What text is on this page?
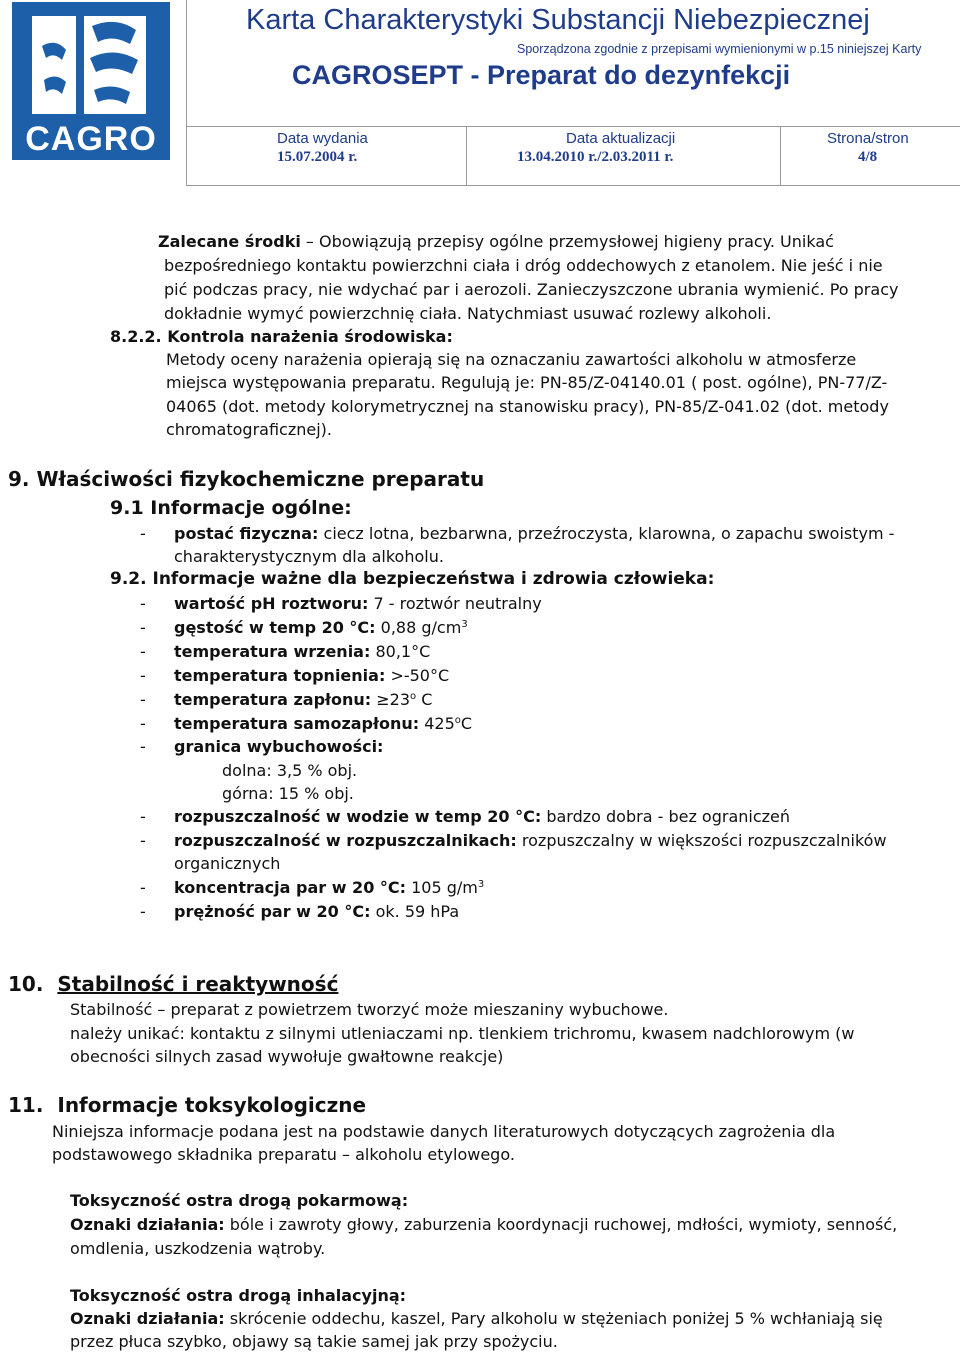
CAGRO
Karta Charakterystyki Substancji Niebezpiecznej
Sporządzona zgodnie z przepisami wymienionymi w p.15 niniejszej Karty
CAGROSEPT - Preparat do dezynfekcji
Data wydania
15.07.2004 r.
Data aktualizacji
13.04.2010 r./2.03.2011 r.
Strona/stron
4/8
Zalecane środki – Obowiązują przepisy ogólne przemysłowej higieny pracy. Unikać
bezpośredniego kontaktu powierzchni ciała i dróg oddechowych z etanolem. Nie jeść i nie
pić podczas pracy, nie wdychać par i aerozoli. Zanieczyszczone ubrania wymienić. Po pracy
dokładnie wymyć powierzchnię ciała. Natychmiast usuwać rozlewy alkoholi.
8.2.2. Kontrola narażenia środowiska:
Metody oceny narażenia opierają się na oznaczaniu zawartości alkoholu w atmosferze
miejsca występowania preparatu. Regulują je: PN-85/Z-04140.01 ( post. ogólne), PN-77/Z-
04065 (dot. metody kolorymetrycznej na stanowisku pracy), PN-85/Z-041.02 (dot. metody
chromatograficznej).
9. Właściwości fizykochemiczne preparatu
9.1 Informacje ogólne:
- postać fizyczna: ciecz lotna, bezbarwna, przeźroczysta, klarowna, o zapachu swoistym -
charakterystycznym dla alkoholu.
9.2. Informacje ważne dla bezpieczeństwa i zdrowia człowieka:
- wartość pH roztworu: 7 - roztwór neutralny
- gęstość w temp 20 °C: 0,88 $g/cm^3$
- temperatura wrzenia: 80,1°C
- temperatura topnienia: >-50°C
- temperatura zapłonu: $\ge 23^o$ C
- temperatura samozapłonu: 425$^o$C
- granica wybuchowości:
dolna: 3,5 % obj.
górna: 15 % obj.
- rozpuszczalność w wodzie w temp 20 °C: bardzo dobra - bez ograniczeń
- rozpuszczalność w rozpuszczalnikach: rozpuszczalny w większości rozpuszczalników
organicznych
- koncentracja par w 20 °C: 105 $g/m^3$
- prężność par w 20 °C: ok. 59 hPa
10. Stabilność i reaktywność
Stabilność – preparat z powietrzem tworzyć może mieszaniny wybuchowe.
należy unikać: kontaktu z silnymi utleniaczami np. tlenkiem trichromu, kwasem nadchlorowym (w
obecności silnych zasad wywołuje gwałtowne reakcje)
11. Informacje toksykologiczne
Niniejsza informacje podana jest na podstawie danych literaturowych dotyczących zagrożenia dla
podstawowego składnika preparatu – alkoholu etylowego.
Toksyczność ostra drogą pokarmową:
Oznaki działania: bóle i zawroty głowy, zaburzenia koordynacji ruchowej, mdłości, wymioty, senność,
omdlenia, uszkodzenia wątroby.
Toksyczność ostra drogą inhalacyjną:
Oznaki działania: skrócenie oddechu, kaszel, Pary alkoholu w stężeniach poniżej 5 % wchłaniają się
przez płuca szybko, objawy są takie samej jak przy spożyciu.
